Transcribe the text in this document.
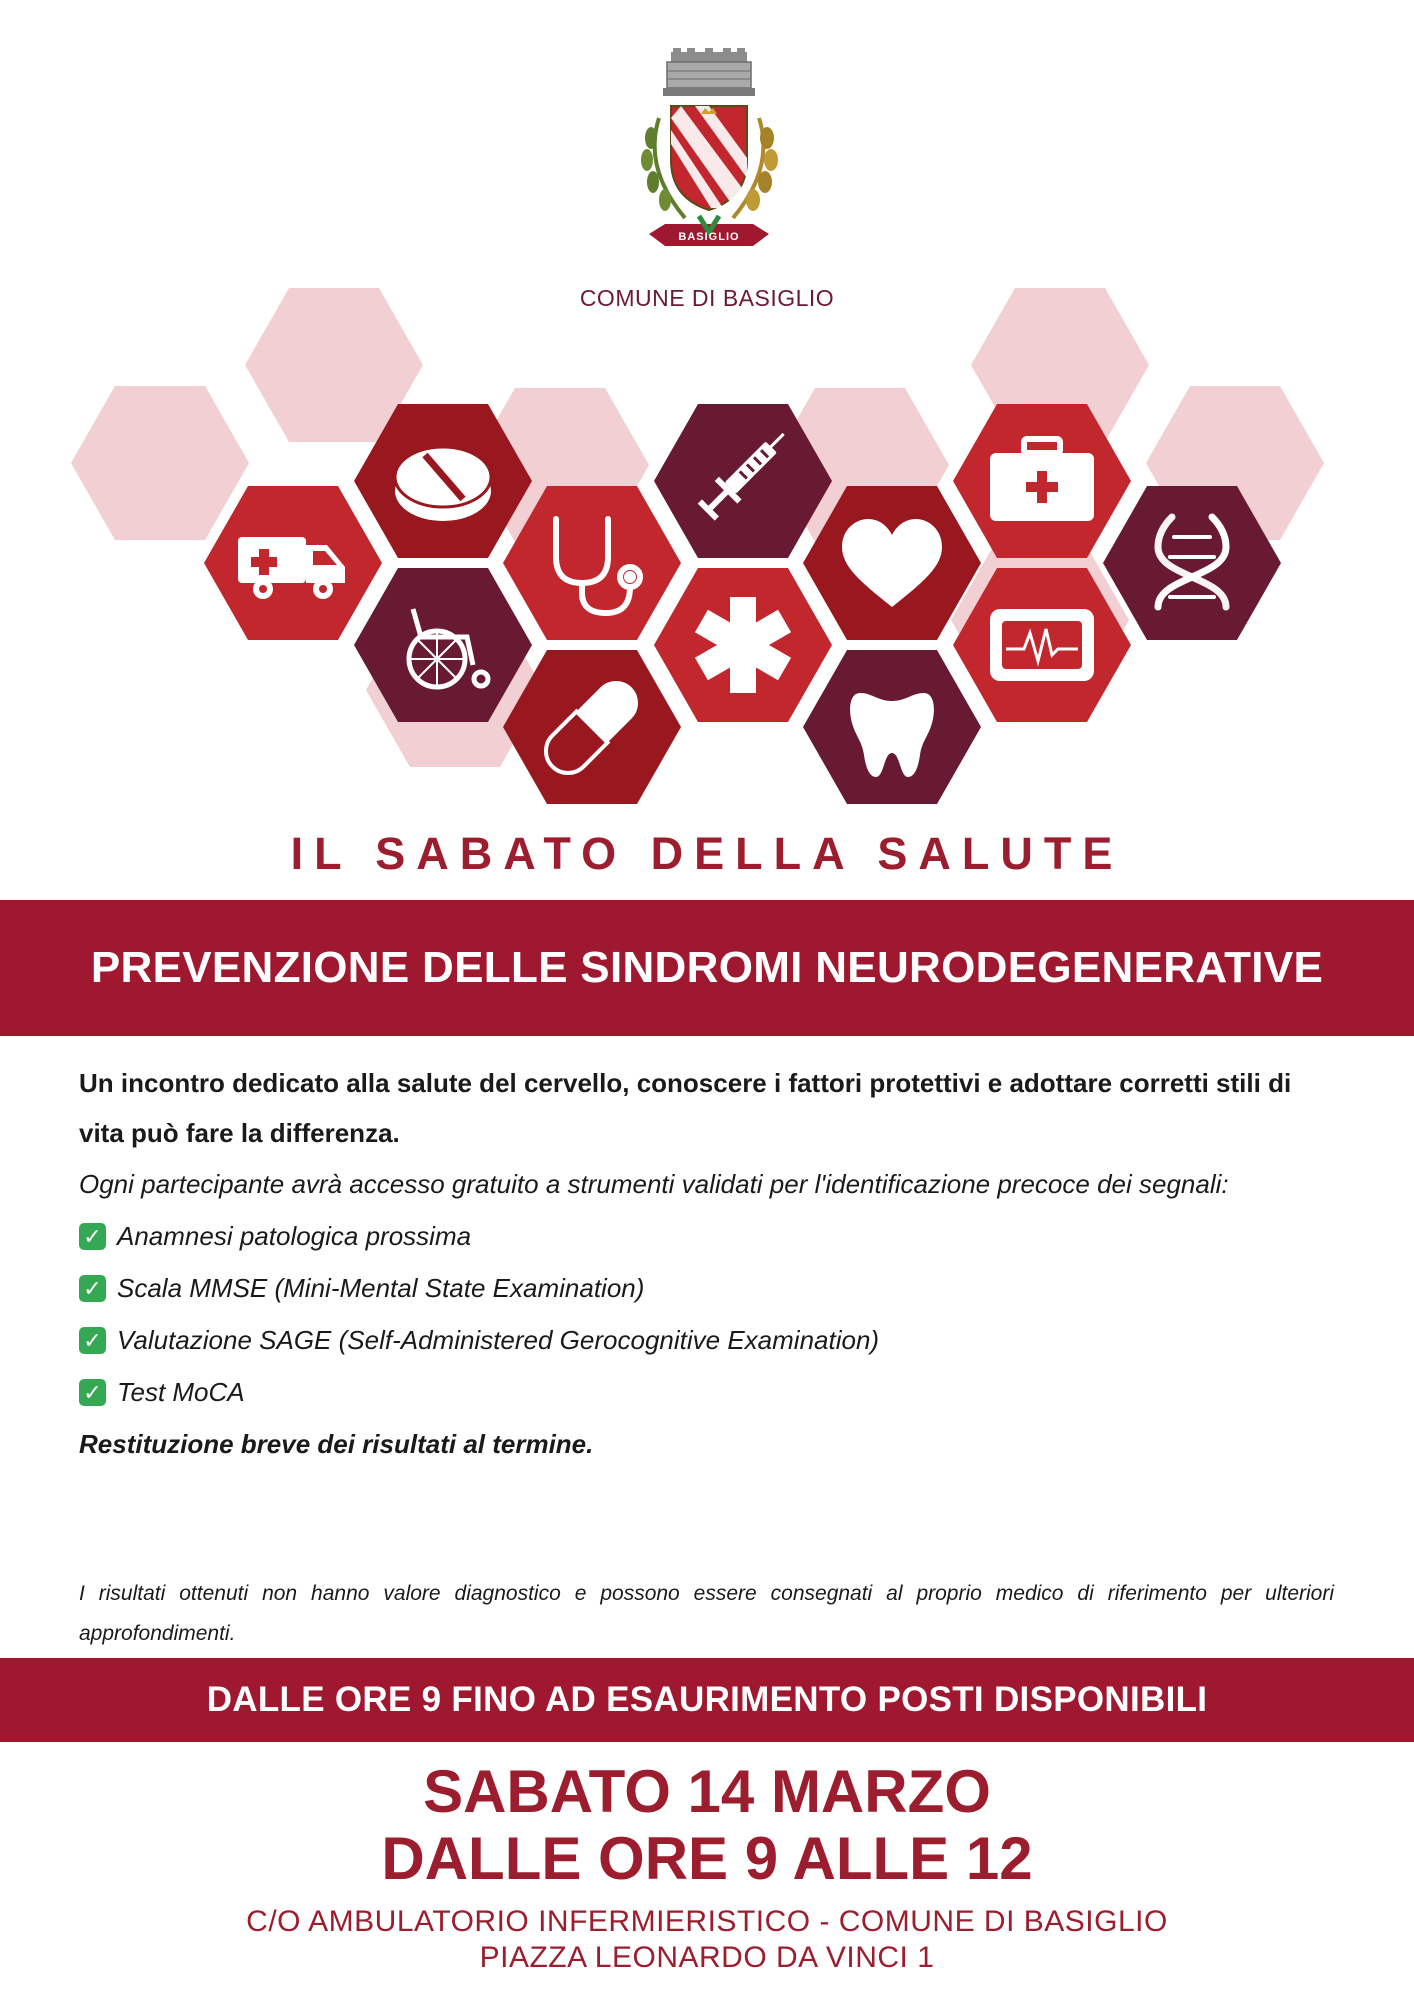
BASIGLIO
COMUNE DI BASIGLIO
IL SABATO DELLA SALUTE
PREVENZIONE DELLE SINDROMI NEURODEGENERATIVE

Un incontro dedicato alla salute del cervello, conoscere i fattori protettivi e adottare corretti stili di vita può fare la differenza.

Ogni partecipante avrà accesso gratuito a strumenti validati per l'identificazione precoce dei segnali:

✓ Anamnesi patologica prossima
✓ Scala MMSE (Mini-Mental State Examination)
✓ Valutazione SAGE (Self-Administered Gerocognitive Examination)
✓ Test MoCA

Restituzione breve dei risultati al termine.

I risultati ottenuti non hanno valore diagnostico e possono essere consegnati al proprio medico di riferimento per ulteriori approfondimenti.

DALLE ORE 9 FINO AD ESAURIMENTO POSTI DISPONIBILI
SABATO 14 MARZO
DALLE ORE 9 ALLE 12
C/O AMBULATORIO INFERMIERISTICO - COMUNE DI BASIGLIO
PIAZZA LEONARDO DA VINCI 1
